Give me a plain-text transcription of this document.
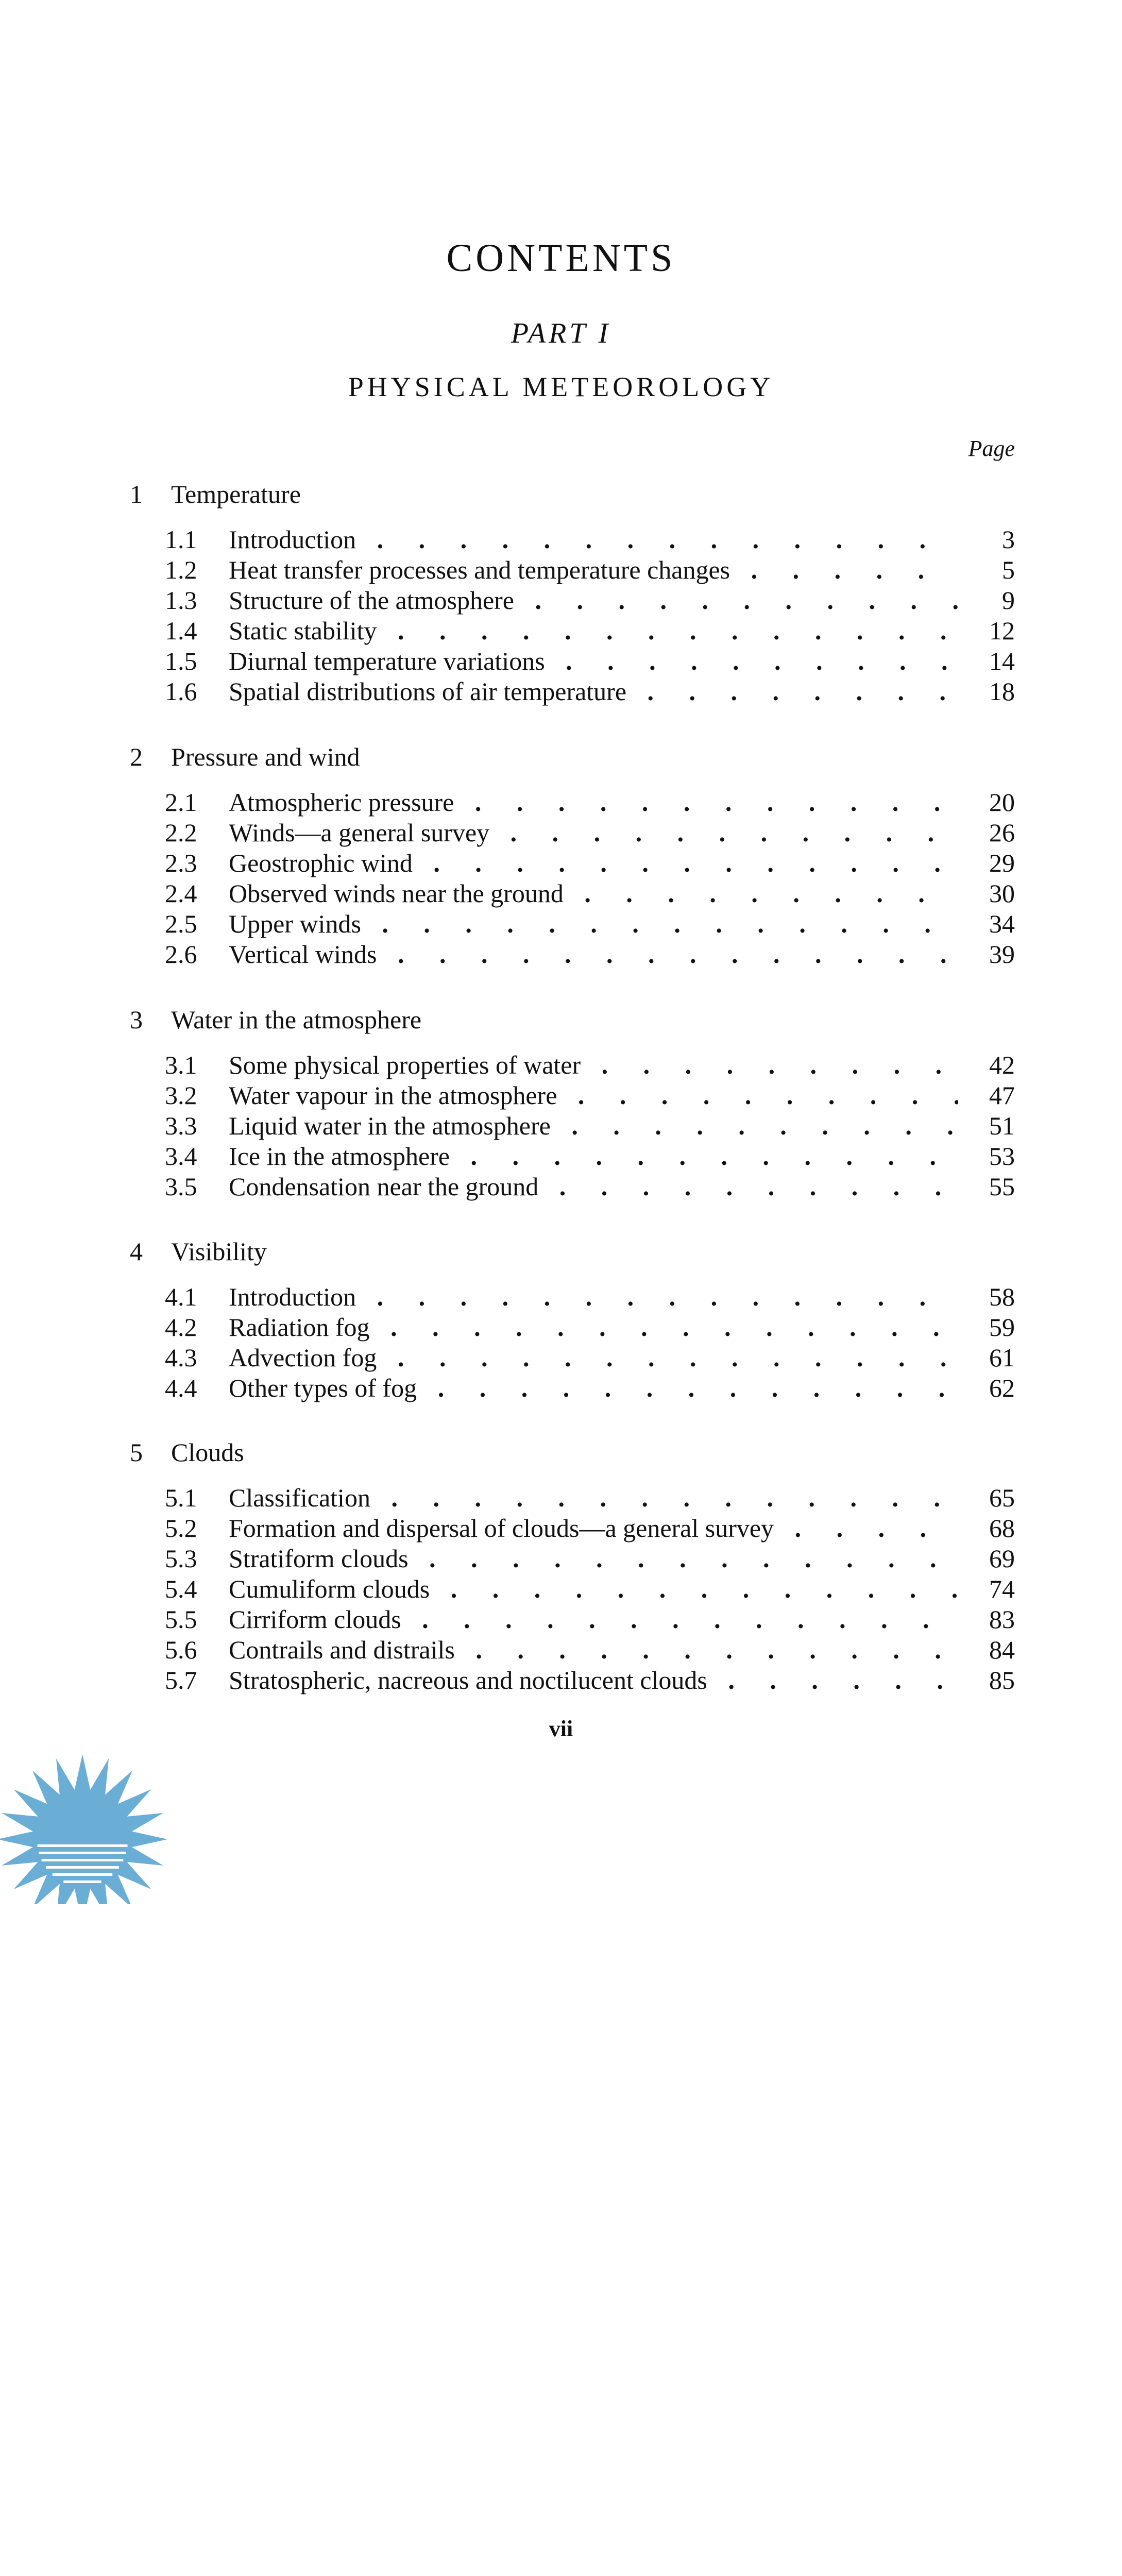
CONTENTS
PART I
PHYSICAL METEOROLOGY
Page
1 Temperature
1.1	Introduction . . .	3
1.2	Heat transfer processes and temperature changes . . .	5
1.3	Structure of the atmosphere . . .	9
1.4	Static stability . . .	12
1.5	Diurnal temperature variations . . .	14
1.6	Spatial distributions of air temperature . . .	18
2 Pressure and wind
2.1	Atmospheric pressure . . .	20
2.2	Winds—a general survey . . .	26
2.3	Geostrophic wind . . .	29
2.4	Observed winds near the ground . . .	30
2.5	Upper winds . . .	34
2.6	Vertical winds . . .	39
3 Water in the atmosphere
3.1	Some physical properties of water . . .	42
3.2	Water vapour in the atmosphere . . .	47
3.3	Liquid water in the atmosphere . . .	51
3.4	Ice in the atmosphere . . .	53
3.5	Condensation near the ground . . .	55
4 Visibility
4.1	Introduction . . .	58
4.2	Radiation fog . . .	59
4.3	Advection fog . . .	61
4.4	Other types of fog . . .	62
5 Clouds
5.1	Classification . . .	65
5.2	Formation and dispersal of clouds—a general survey . . .	68
5.3	Stratiform clouds . . .	69
5.4	Cumuliform clouds . . .	74
5.5	Cirriform clouds . . .	83
5.6	Contrails and distrails . . .	84
5.7	Stratospheric, nacreous and noctilucent clouds . . .	85
vii
